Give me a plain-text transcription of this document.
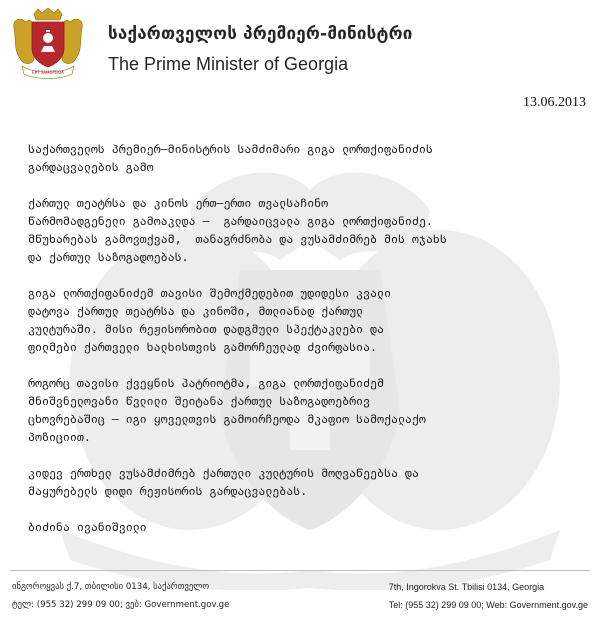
ЕРТ ЗАМОТБОА
საქართველოს პრემიერ-მინისტრი
The Prime Minister of Georgia
13.06.2013
საქართველოს პრემიერ–მინისტრის სამძიმარი გიგა ლორთქიფანიძის
გარდაცვალების გამო
ქართულ თეატრსა და კინოს ერთ–ერთი თვალსაჩინო
წარმომადგენელი გამოაკლდა –  გარდაიცვალა გიგა ლორთქიფანიძე.
მწუხარებას გამოვთქვამ,  თანაგრძნობა და ვუსამძიმრებ მის ოჯახს
და ქართულ საზოგადოებას.
გიგა ლორთქიფანიძემ თავისი შემოქმედებით უდიდესი კვალი
დატოვა ქართულ თეატრსა და კინოში, მთლიანად ქართულ
კულტურაში. მისი რეჟისორობით დადგმული სპექტაკლები და
ფილმები ქართველი ხალხისთვის გამორჩეულად ძვირფასია.
როგორც თავისი ქვეყნის პატრიოტმა, გიგა ლორთქიფანიძემ
მნიშვნელოვანი წვლილი შეიტანა ქართულ საზოგადოებრივ
ცხოვრებაშიც – იგი ყოველთვის გამოირჩეოდა მკაფიო სამოქალაქო
პოზიციით.
კიდევ ერთხელ ვუსამძიმრებ ქართული კულტურის მოღვაწეებსა და
მაყურებელს დიდი რეჟისორის გარდაცვალებას.
ბიძინა ივანიშვილი
ინგოროყვას ქ.7, თბილისი 0134, საქართველო
ტელ: (955 32) 299 09 00; ვებ: Government.gov.ge
7th, Ingorokva St. Tbilisi 0134, Georgia
Tel: (955 32) 299 09 00; Web: Government.gov.ge
